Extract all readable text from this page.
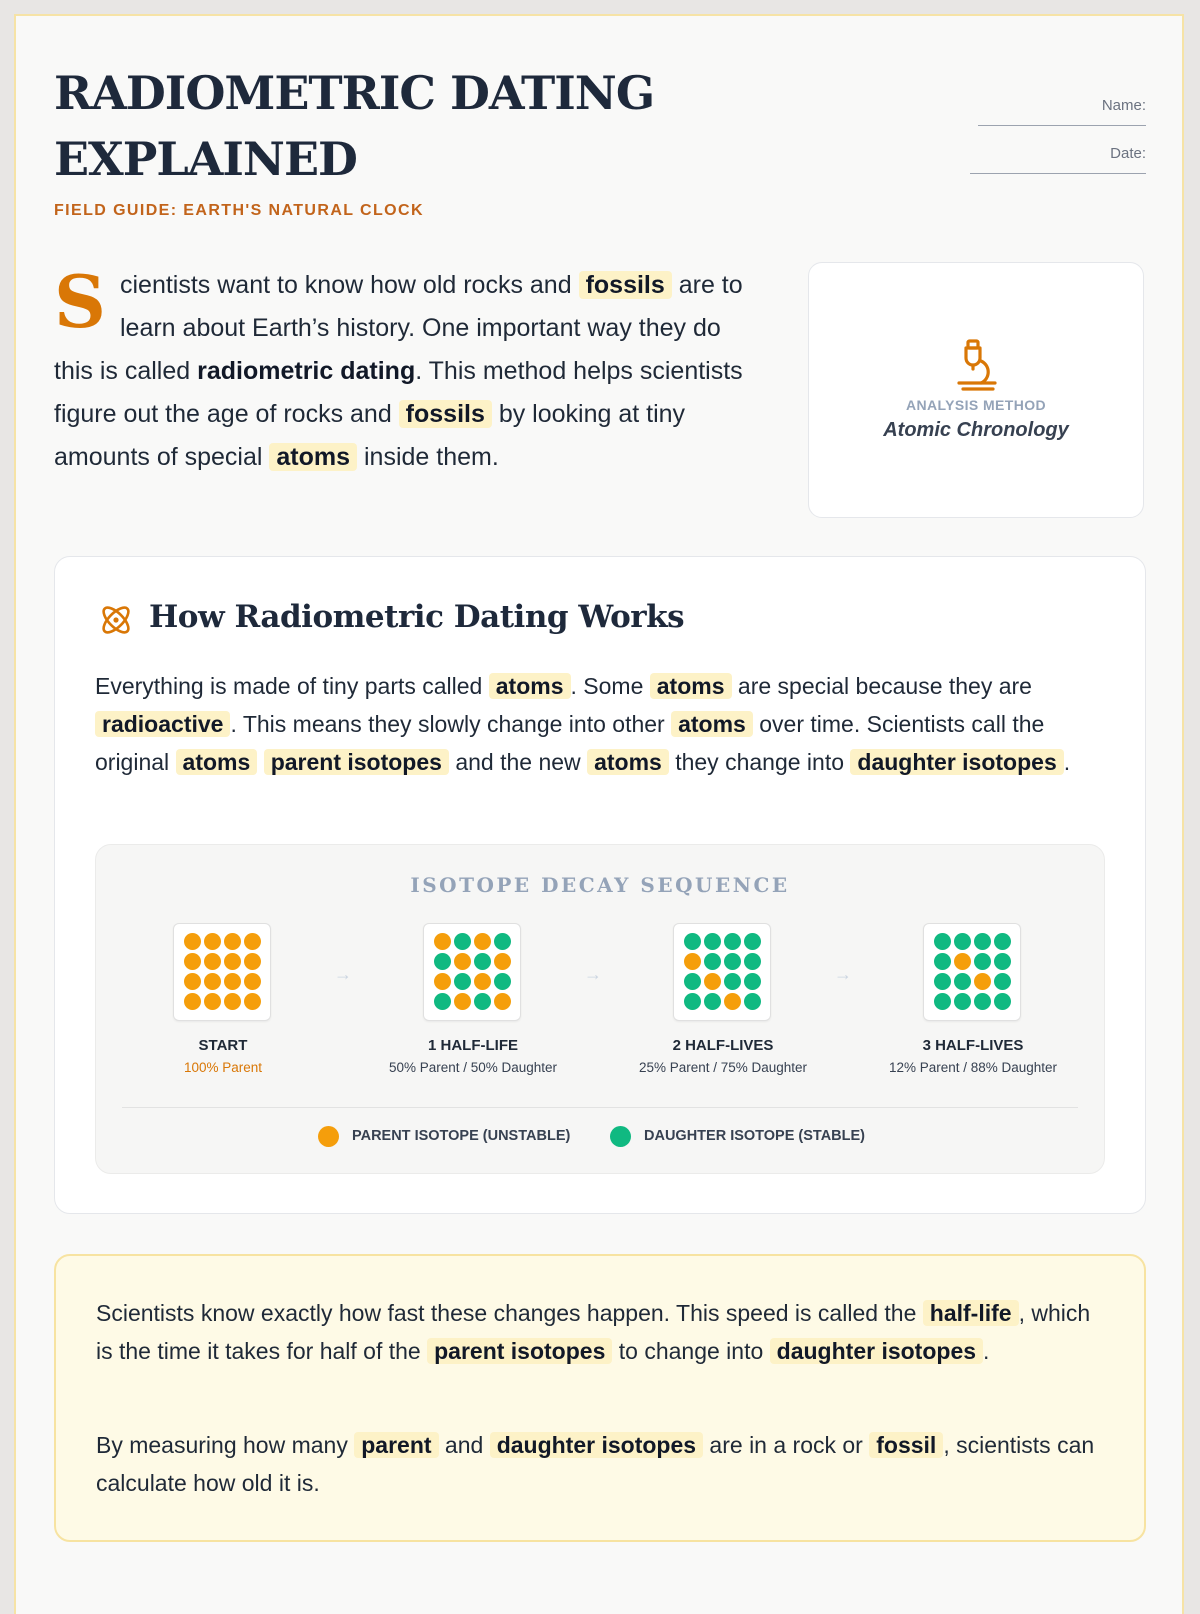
RADIOMETRIC DATING EXPLAINED
FIELD GUIDE: EARTH'S NATURAL CLOCK
Name:
Date:
Scientists want to know how old rocks and fossils are to learn about Earth’s history. One important way they do this is called radiometric dating. This method helps scientists figure out the age of rocks and fossils by looking at tiny amounts of special atoms inside them.
ANALYSIS METHOD
Atomic Chronology
How Radiometric Dating Works
Everything is made of tiny parts called atoms . Some atoms are special because they are radioactive . This means they slowly change into other atoms over time. Scientists call the original atoms parent isotopes and the new atoms they change into daughter isotopes .
ISOTOPE DECAY SEQUENCE
START
100% Parent
→
1 HALF-LIFE
50% Parent / 50% Daughter
→
2 HALF-LIVES
25% Parent / 75% Daughter
→
3 HALF-LIVES
12% Parent / 88% Daughter
PARENT ISOTOPE (UNSTABLE)	DAUGHTER ISOTOPE (STABLE)

Scientists know exactly how fast these changes happen. This speed is called the half-life , which is the time it takes for half of the parent isotopes to change into daughter isotopes .

By measuring how many parent and daughter isotopes are in a rock or fossil , scientists can calculate how old it is.
